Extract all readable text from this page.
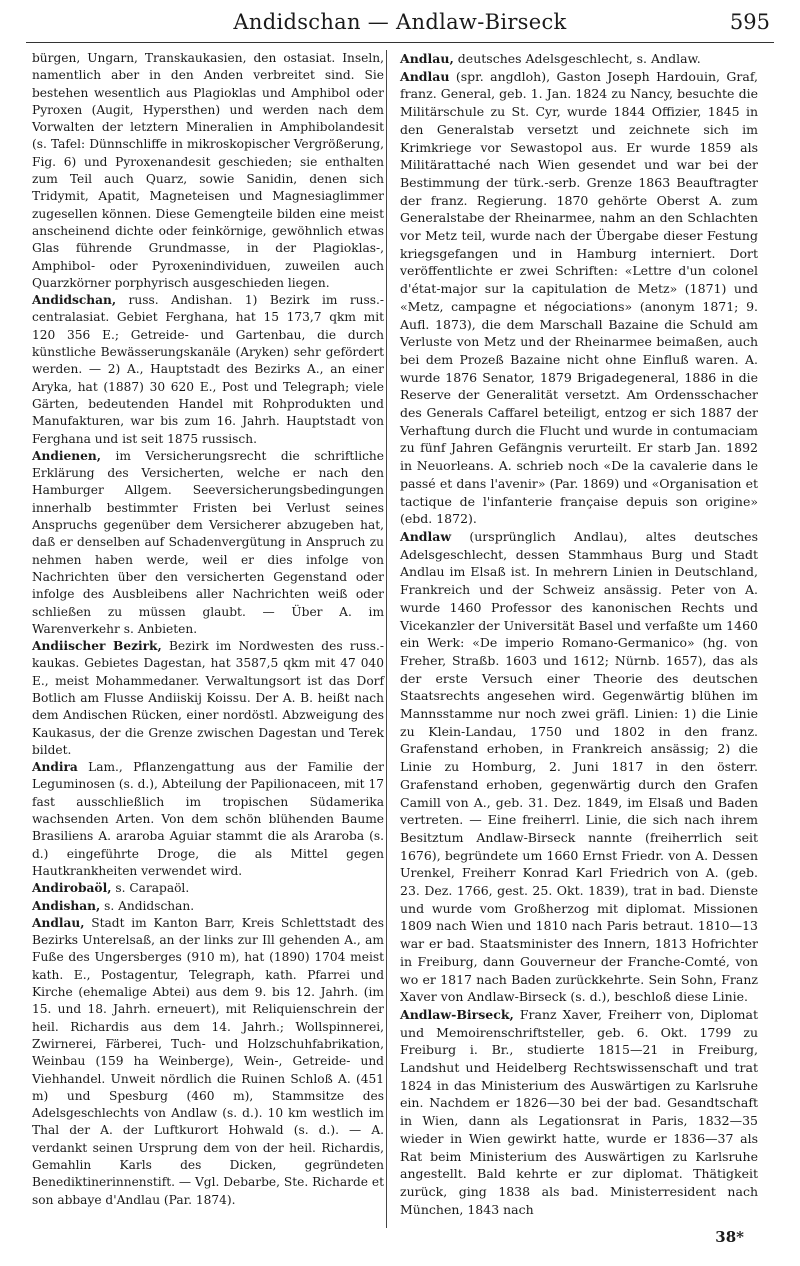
Andidschan — Andlaw-Birseck	595

bürgen, Ungarn, Transkaukasien, den ostasiat. Inseln, namentlich aber in den Anden verbreitet sind. Sie bestehen wesentlich aus Plagioklas und Amphibol oder Pyroxen (Augit, Hypersthen) und werden nach dem Vorwalten der letztern Mineralien in Amphibolandesit (s. Tafel: Dünnschliffe in mikroskopischer Vergrößerung, Fig. 6) und Pyroxenandesit geschieden; sie enthalten zum Teil auch Quarz, sowie Sanidin, denen sich Tridymit, Apatit, Magneteisen und Magnesiaglimmer zugesellen können. Diese Gemengteile bilden eine meist anscheinend dichte oder feinkörnige, gewöhnlich etwas Glas führende Grundmasse, in der Plagioklas-, Amphibol- oder Pyroxenindividuen, zuweilen auch Quarzkörner porphyrisch ausgeschieden liegen.

Andidschan, russ. Andishan. 1) Bezirk im russ.-centralasiat. Gebiet Ferghana, hat 15 173,7 qkm mit 120 356 E.; Getreide- und Gartenbau, die durch künstliche Bewässerungskanäle (Aryken) sehr gefördert werden. — 2) A., Hauptstadt des Bezirks A., an einer Aryka, hat (1887) 30 620 E., Post und Telegraph; viele Gärten, bedeutenden Handel mit Rohprodukten und Manufakturen, war bis zum 16. Jahrh. Hauptstadt von Ferghana und ist seit 1875 russisch.

Andienen, im Versicherungsrecht die schriftliche Erklärung des Versicherten, welche er nach den Hamburger Allgem. Seeversicherungsbedingungen innerhalb bestimmter Fristen bei Verlust seines Anspruchs gegenüber dem Versicherer abzugeben hat, daß er denselben auf Schadenvergütung in Anspruch zu nehmen haben werde, weil er dies infolge von Nachrichten über den versicherten Gegenstand oder infolge des Ausbleibens aller Nachrichten weiß oder schließen zu müssen glaubt. — Über A. im Warenverkehr s. Anbieten.

Andiischer Bezirk, Bezirk im Nordwesten des russ.-kaukas. Gebietes Dagestan, hat 3587,5 qkm mit 47 040 E., meist Mohammedaner. Verwaltungsort ist das Dorf Botlich am Flusse Andiiskij Koissu. Der A. B. heißt nach dem Andischen Rücken, einer nordöstl. Abzweigung des Kaukasus, der die Grenze zwischen Dagestan und Terek bildet.

Andira Lam., Pflanzengattung aus der Familie der Leguminosen (s. d.), Abteilung der Papilionaceen, mit 17 fast ausschließlich im tropischen Südamerika wachsenden Arten. Von dem schön blühenden Baume Brasiliens A. araroba Aguiar stammt die als Araroba (s. d.) eingeführte Droge, die als Mittel gegen Hautkrankheiten verwendet wird.

Andirobaöl, s. Carapaöl.

Andishan, s. Andidschan.

Andlau, Stadt im Kanton Barr, Kreis Schlettstadt des Bezirks Unterelsaß, an der links zur Ill gehenden A., am Fuße des Ungersberges (910 m), hat (1890) 1704 meist kath. E., Postagentur, Telegraph, kath. Pfarrei und Kirche (ehemalige Abtei) aus dem 9. bis 12. Jahrh. (im 15. und 18. Jahrh. erneuert), mit Reliquienschrein der heil. Richardis aus dem 14. Jahrh.; Wollspinnerei, Zwirnerei, Färberei, Tuch- und Holzschuhfabrikation, Weinbau (159 ha Weinberge), Wein-, Getreide- und Viehhandel. Unweit nördlich die Ruinen Schloß A. (451 m) und Spesburg (460 m), Stammsitze des Adelsgeschlechts von Andlaw (s. d.). 10 km westlich im Thal der A. der Luftkurort Hohwald (s. d.). — A. verdankt seinen Ursprung dem von der heil. Richardis, Gemahlin Karls des Dicken, gegründeten Benediktinerinnenstift. — Vgl. Debarbe, Ste. Richarde et son abbaye d'Andlau (Par. 1874).

Andlau, deutsches Adelsgeschlecht, s. Andlaw.

Andlau (spr. angdloh), Gaston Joseph Hardouin, Graf, franz. General, geb. 1. Jan. 1824 zu Nancy, besuchte die Militärschule zu St. Cyr, wurde 1844 Offizier, 1845 in den Generalstab versetzt und zeichnete sich im Krimkriege vor Sewastopol aus. Er wurde 1859 als Militärattaché nach Wien gesendet und war bei der Bestimmung der türk.-serb. Grenze 1863 Beauftragter der franz. Regierung. 1870 gehörte Oberst A. zum Generalstabe der Rheinarmee, nahm an den Schlachten vor Metz teil, wurde nach der Übergabe dieser Festung kriegsgefangen und in Hamburg interniert. Dort veröffentlichte er zwei Schriften: «Lettre d'un colonel d'état-major sur la capitulation de Metz» (1871) und «Metz, campagne et négociations» (anonym 1871; 9. Aufl. 1873), die dem Marschall Bazaine die Schuld am Verluste von Metz und der Rheinarmee beimaßen, auch bei dem Prozeß Bazaine nicht ohne Einfluß waren. A. wurde 1876 Senator, 1879 Brigadegeneral, 1886 in die Reserve der Generalität versetzt. Am Ordensschacher des Generals Caffarel beteiligt, entzog er sich 1887 der Verhaftung durch die Flucht und wurde in contumaciam zu fünf Jahren Gefängnis verurteilt. Er starb Jan. 1892 in Neuorleans. A. schrieb noch «De la cavalerie dans le passé et dans l'avenir» (Par. 1869) und «Organisation et tactique de l'infanterie française depuis son origine» (ebd. 1872).

Andlaw (ursprünglich Andlau), altes deutsches Adelsgeschlecht, dessen Stammhaus Burg und Stadt Andlau im Elsaß ist. In mehrern Linien in Deutschland, Frankreich und der Schweiz ansässig. Peter von A. wurde 1460 Professor des kanonischen Rechts und Vicekanzler der Universität Basel und verfaßte um 1460 ein Werk: «De imperio Romano-Germanico» (hg. von Freher, Straßb. 1603 und 1612; Nürnb. 1657), das als der erste Versuch einer Theorie des deutschen Staatsrechts angesehen wird. Gegenwärtig blühen im Mannsstamme nur noch zwei gräfl. Linien: 1) die Linie zu Klein-Landau, 1750 und 1802 in den franz. Grafenstand erhoben, in Frankreich ansässig; 2) die Linie zu Homburg, 2. Juni 1817 in den österr. Grafenstand erhoben, gegenwärtig durch den Grafen Camill von A., geb. 31. Dez. 1849, im Elsaß und Baden vertreten. — Eine freiherrl. Linie, die sich nach ihrem Besitztum Andlaw-Birseck nannte (freiherrlich seit 1676), begründete um 1660 Ernst Friedr. von A. Dessen Urenkel, Freiherr Konrad Karl Friedrich von A. (geb. 23. Dez. 1766, gest. 25. Okt. 1839), trat in bad. Dienste und wurde vom Großherzog mit diplomat. Missionen 1809 nach Wien und 1810 nach Paris betraut. 1810—13 war er bad. Staatsminister des Innern, 1813 Hofrichter in Freiburg, dann Gouverneur der Franche-Comté, von wo er 1817 nach Baden zurückkehrte. Sein Sohn, Franz Xaver von Andlaw-Birseck (s. d.), beschloß diese Linie.

Andlaw-Birseck, Franz Xaver, Freiherr von, Diplomat und Memoirenschriftsteller, geb. 6. Okt. 1799 zu Freiburg i. Br., studierte 1815—21 in Freiburg, Landshut und Heidelberg Rechtswissenschaft und trat 1824 in das Ministerium des Auswärtigen zu Karlsruhe ein. Nachdem er 1826—30 bei der bad. Gesandtschaft in Wien, dann als Legationsrat in Paris, 1832—35 wieder in Wien gewirkt hatte, wurde er 1836—37 als Rat beim Ministerium des Auswärtigen zu Karlsruhe angestellt. Bald kehrte er zur diplomat. Thätigkeit zurück, ging 1838 als bad. Ministerresident nach München, 1843 nach

38*
